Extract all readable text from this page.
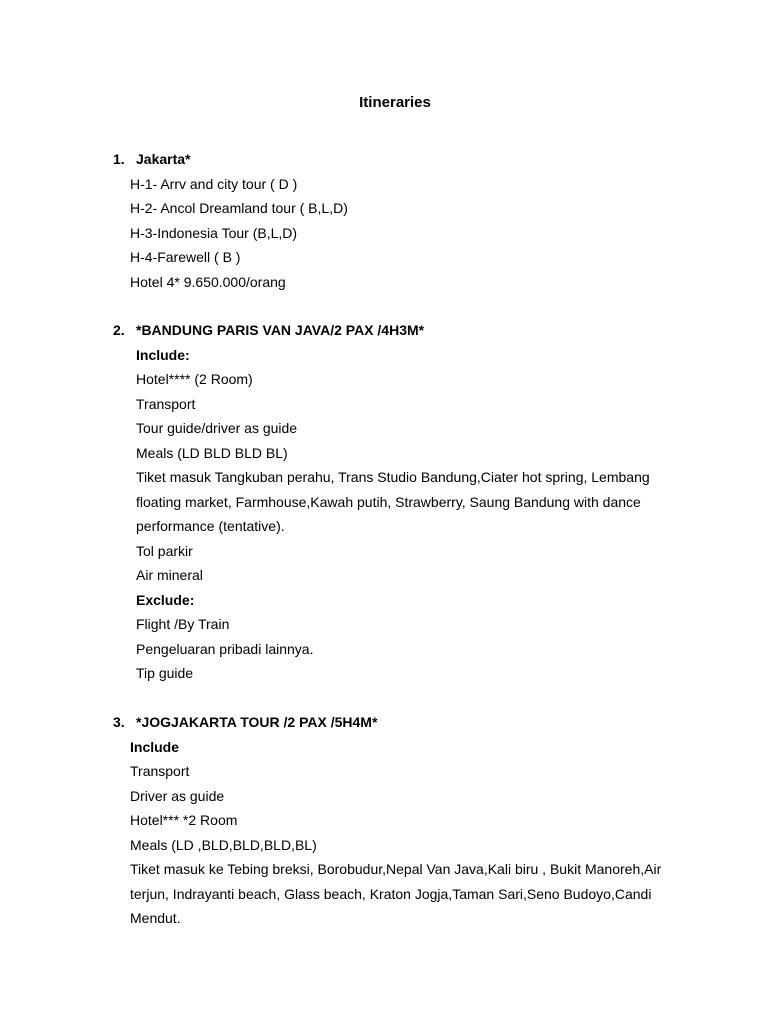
Itineraries
1. Jakarta*
H-1- Arrv and city tour ( D )
H-2- Ancol Dreamland tour ( B,L,D)
H-3-Indonesia Tour (B,L,D)
H-4-Farewell ( B )
Hotel 4* 9.650.000/orang
2. *BANDUNG PARIS VAN JAVA/2 PAX /4H3M*
Include:
Hotel**** (2 Room)
Transport
Tour guide/driver as guide
Meals (LD BLD BLD BL)
Tiket masuk Tangkuban perahu, Trans Studio Bandung,Ciater hot spring, Lembang
floating market, Farmhouse,Kawah putih, Strawberry, Saung Bandung with dance
performance (tentative).
Tol parkir
Air mineral
Exclude:
Flight /By Train
Pengeluaran pribadi lainnya.
Tip guide
3. *JOGJAKARTA TOUR /2 PAX /5H4M*
Include
Transport
Driver as guide
Hotel*** *2 Room
Meals (LD ,BLD,BLD,BLD,BL)
Tiket masuk ke Tebing breksi, Borobudur,Nepal Van Java,Kali biru , Bukit Manoreh,Air
terjun, Indrayanti beach, Glass beach, Kraton Jogja,Taman Sari,Seno Budoyo,Candi
Mendut.
